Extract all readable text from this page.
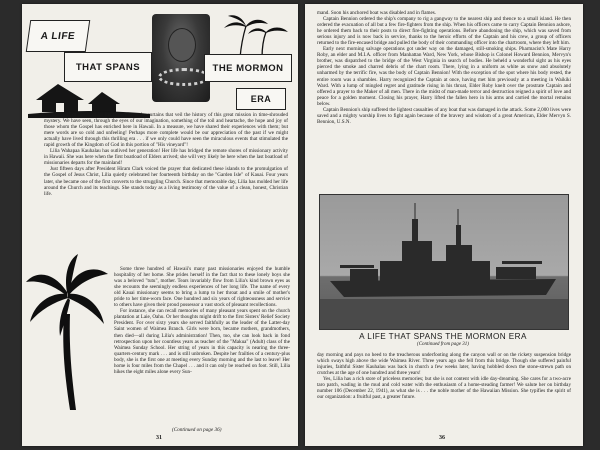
A LIFE
THAT SPANS	THE MORMON
ERA

"Epoch I" of this booklet has drawn apart the curtains that veil the history of this great mission in time-shrouded mystery. We have seen, through the eyes of our imagination, something of the toil and heartache, the hope and joy of those whom the Gospel has enriched here in Hawaii. In a measure, we have shared their experiences with them; but mere words are so cold and unfeeling! Perhaps more complete would be our appreciation of the past if we might actually have lived through this thrilling era . . . if we only could have seen the miraculous events that stimulated the rapid growth of the Kingdom of God in this portion of "His vineyard"!

Lilia Wahapaa Kauhalau has outlived her generation! Her life has bridged the remote shores of missionary activity in Hawaii. She was here when the first boatload of Elders arrived; she will very likely be here when the last boatload of missionaries departs for the mainland!

Just fifteen days after President Hiram Clark voiced the prayer that dedicated these islands to the promulgation of the Gospel of Jesus Christ, Lilia quietly celebrated her fourteenth birthday on the "Garden Isle" of Kauai. Four years later, she became one of the first converts to the struggling Church. Since that memorable day, Lilia has molded her life around the Church and its teachings. She stands today as a living testimony of the value of a clean, honest, Christian life.

Some three hundred of Hawaii's many past missionaries enjoyed the humble hospitality of her home. She prides herself in the fact that to these lonely boys she was a beloved "tutu", mother. Tears invariably flow from Lilia's kind brown eyes as she recounts the seemingly endless experiences of her long life. The name of every old Kauai missionary seems to bring a lump to her throat and a smile of mother's pride to her time-worn face. One hundred and six years of righteousness and service to others have given their proud possessor a vast stock of pleasant recollections.

For instance, she can recall memories of many pleasant years spent on the church plantation at Laie, Oahu. Or her thoughts might drift to the first Sisters' Relief Society President. For over sixty years she served faithfully as the leader of the Latter-day Saint women of Waimea Branch. Girls were born, became mothers, grandmothers, then died—all during Lilia's administration! Then, too, she can look back in fond retrospection upon her countless years as teacher of the "Makua" (Adult) class of the Waimea Sunday School. Her string of years in this capacity is nearing the three-quarters-century mark . . . and is still unbroken. Despite her frailties of a century-plus body, she is the first one at meeting every Sunday morning and the last to leave! Her home is four miles from the Chapel . . . and it can only be reached on foot. Still, Lilia hikes the eight miles alone every Sun-

(Continued on page 36)
31

mand. Soon his anchored boat was disabled and in flames.

Captain Bennion ordered the ship's company to rig a gangway to the nearest ship and thence to a small island. He then ordered the evacuation of all but a few fire-fighters from the ship. When his officers came to carry Captain Bennion ashore, he ordered them back to their posts to direct fire-fighting operations. Before abandoning the ship, which was saved from serious injury and is now back in service, thanks to the heroic efforts of the Captain and his crew, a group of officers returned to the fire-encased bridge and pulled the body of their commanding officer into the chartroom, where they left him.

Early next morning salvage operations got under way on the damaged, still-smoking ships. Pharmacist's Mate Harry Roby, an elder and M.I.A. officer from Manhattan Ward, New York, whose Bishop is Colonel Howard Bennion, Mervyn's brother, was dispatched to the bridge of the West Virginia in search of bodies. He beheld a wonderful sight as his eyes pierced the smoke and charred debris of the chart room. There, lying in a uniform as white as snow and absolutely unharmed by the terrific fire, was the body of Captain Bennion! With the exception of the spot where his body rested, the entire room was a shambles. Harry recognized the Captain at once, having met him previously at a meeting in Waikiki Ward. With a lump of mingled regret and gratitude rising in his throat, Elder Roby knelt over the prostrate Captain and offered a prayer to the Maker of all men. There in the midst of man-made terror and destruction reigned a spirit of love and peace for a golden moment. Closing his prayer, Harry lifted the fallen hero in his arms and carried the mortal remains below.

Captain Bennion's ship suffered the lightest casualties of any boat that was damaged in the attack. Some 2,000 lives were saved and a mighty warship lives to fight again because of the bravery and wisdom of a great American, Elder Mervyn S. Bennion, U.S.N.

A LIFE THAT SPANS THE MORMON ERA
(Continued from page 31)

day morning and pays no heed to the treacherous underfooting along the canyon wall or on the rickety suspension bridge which sways high above the wide Waimea River. Three years ago she fell from this bridge. Though she suffered painful injuries, faithful Sister Kauhalau was back in church a few weeks later, having hobbled down the stone-strewn path on crutches at the age of one hundred and three years!

Yes, Lilia has a rich store of priceless memories; but she is not content with idle day-dreaming. She cares for a two-acre taro patch, wading in the mud and cold water with the enthusiasm of a home-steading farmer! We salute her on birthday number 106 (December 22, 1941), as what she is . . . the noble mother of the Hawaiian Mission. She typifies the spirit of our organization: a fruitful past, a greater future.

36
